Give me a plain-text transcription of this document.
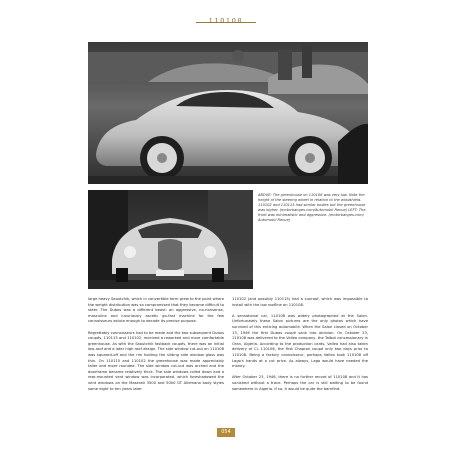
110108
ABOVE: The greenhouse on 110108 was very low. Note the height of the steering wheel in relation to the windshield. 110102 and 110115 had similar bodies but the greenhouse was higher. (motorbanges.com/Automobil Revue) LEFT: The front was minimalistic and aggressive. (motorbanges.com/ Automobil Revue)

large heavy Saoutchik, which in convertible form grew to the point where the weight distribution was so compromised that they became difficult to steer. The Dubos was a different beast: an aggressive, no-nonsense, masculine and luxuriously ascetic go-fast machine for the few connoisseurs astute enough to decode its precise purpose.

Regrettably connoisseurs had to be made and the two subsequent Dubos coupés, 110115 and 110102, received a reworked and more comfortable greenhouse. As with the Saoutchik fastback coupés, there was an initial low-roof and a later high roof design. The side window cut-out on 110108 was squared-off and the rim holding the sliding side window glass was thin. On 110115 and 110102 the greenhouse was made appreciably taller and more rounded. The side window cut-out was arched and the doorframe became relatively thick. The side windows rolled down and a rear-mounted vent window was incorporated, which foreshadowed the vent windows on the Maserati 3500 and 5000 GT Allemano body styles some eight to ten years later.

110102 (and possibly 110115) had a sunroof, which was impossible to install with the low roofline on 110108.

A sensational car, 110108 was widely photographed at the Salon. Unfortunately these Salon pictures are the only photos which have survived of this enticing automobile. When the Salon closed on October 13, 1946 the first Dubos coupé sank into oblivion. On October 23, 110108 was delivered to the Valleo company, the Talbot concessionary in Oran, Algeria. According to the production cards, Valleo had also taken delivery of Cl. 110106, the first Chapron coupé only two days prior to 110108. Being a factory connoisseur, perhaps Valleo took 110108 off Lago's hands at a cut price. As always, Lago would have needed the money.

After October 23, 1946, there is no further record of 110108 and it has vanished without a trace. Perhaps the car is still waiting to be found somewhere in Algeria. If so, it would be quite the barnfind.

054
